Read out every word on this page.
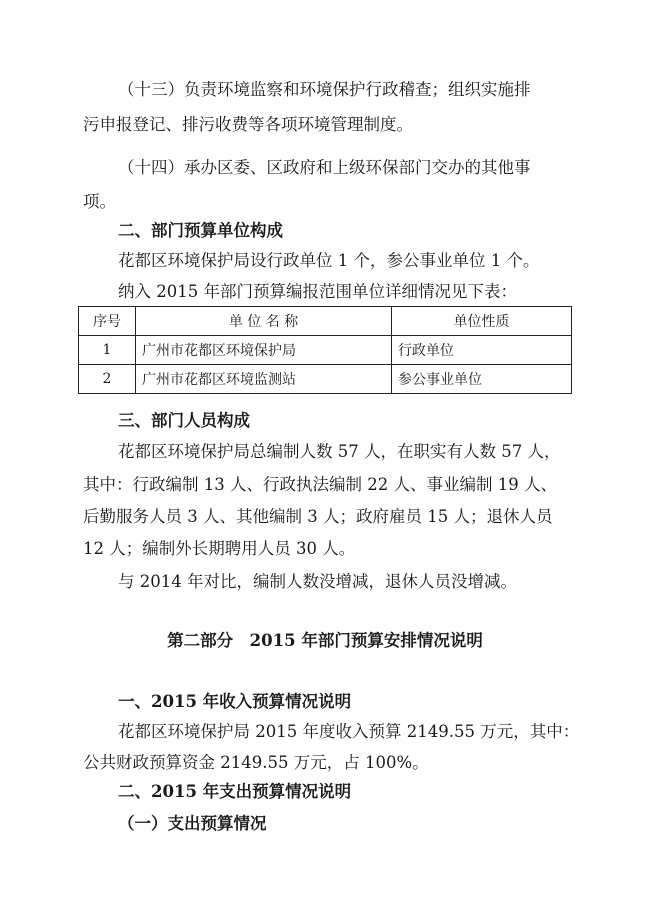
（十三）负责环境监察和环境保护行政稽查；组织实施排
污申报登记、排污收费等各项环境管理制度。
（十四）承办区委、区政府和上级环保部门交办的其他事
项。
二、部门预算单位构成
花都区环境保护局设行政单位 1 个，参公事业单位 1 个。
纳入 2015 年部门预算编报范围单位详细情况见下表：
序号	单 位 名 称	单位性质
1	广州市花都区环境保护局	行政单位
2	广州市花都区环境监测站	参公事业单位
三、部门人员构成
花都区环境保护局总编制人数 57 人，在职实有人数 57 人，
其中：行政编制 13 人、行政执法编制 22 人、事业编制 19 人、
后勤服务人员 3 人、其他编制 3 人；政府雇员 15 人；退休人员
12 人；编制外长期聘用人员 30 人。
与 2014 年对比，编制人数没增减，退休人员没增减。
第二部分　2015 年部门预算安排情况说明
一、2015 年收入预算情况说明
花都区环境保护局 2015 年度收入预算 2149.55 万元，其中：
公共财政预算资金 2149.55 万元，占 100%。
二、2015 年支出预算情况说明
（一）支出预算情况
